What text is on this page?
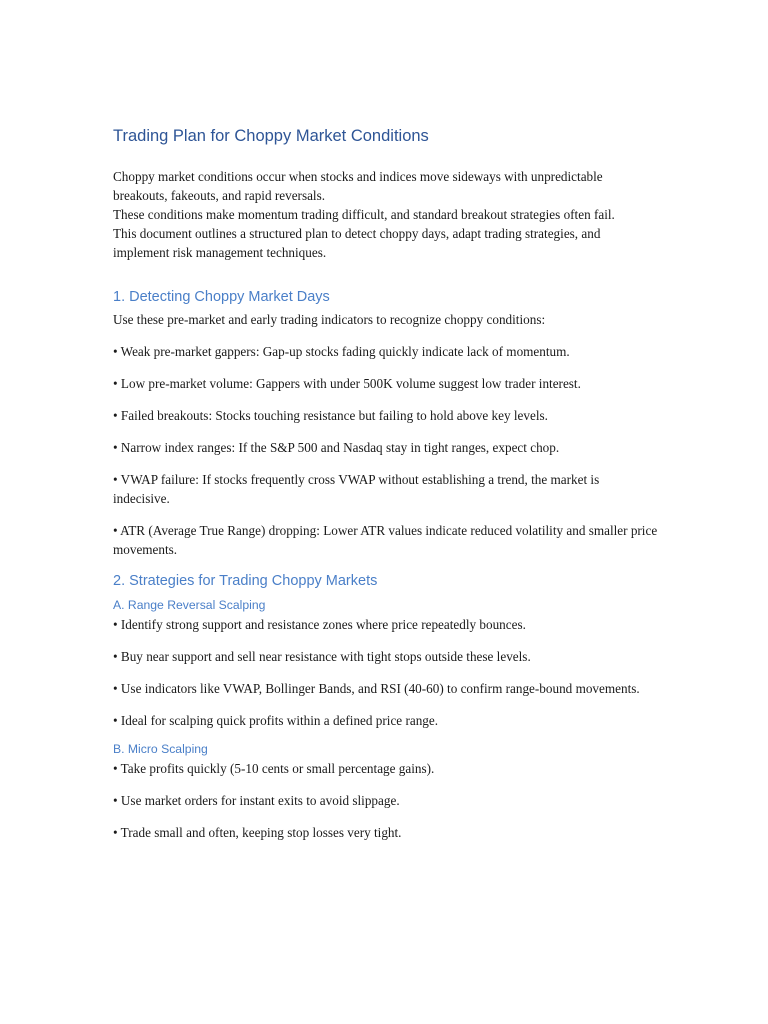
Trading Plan for Choppy Market Conditions

Choppy market conditions occur when stocks and indices move sideways with unpredictable breakouts, fakeouts, and rapid reversals.

These conditions make momentum trading difficult, and standard breakout strategies often fail.

This document outlines a structured plan to detect choppy days, adapt trading strategies, and implement risk management techniques.

1. Detecting Choppy Market Days

Use these pre-market and early trading indicators to recognize choppy conditions:

• Weak pre-market gappers: Gap-up stocks fading quickly indicate lack of momentum.

• Low pre-market volume: Gappers with under 500K volume suggest low trader interest.

• Failed breakouts: Stocks touching resistance but failing to hold above key levels.

• Narrow index ranges: If the S&P 500 and Nasdaq stay in tight ranges, expect chop.

• VWAP failure: If stocks frequently cross VWAP without establishing a trend, the market is indecisive.

• ATR (Average True Range) dropping: Lower ATR values indicate reduced volatility and smaller price movements.

2. Strategies for Trading Choppy Markets
A. Range Reversal Scalping

• Identify strong support and resistance zones where price repeatedly bounces.

• Buy near support and sell near resistance with tight stops outside these levels.

• Use indicators like VWAP, Bollinger Bands, and RSI (40-60) to confirm range-bound movements.

• Ideal for scalping quick profits within a defined price range.

B. Micro Scalping

• Take profits quickly (5-10 cents or small percentage gains).

• Use market orders for instant exits to avoid slippage.

• Trade small and often, keeping stop losses very tight.
